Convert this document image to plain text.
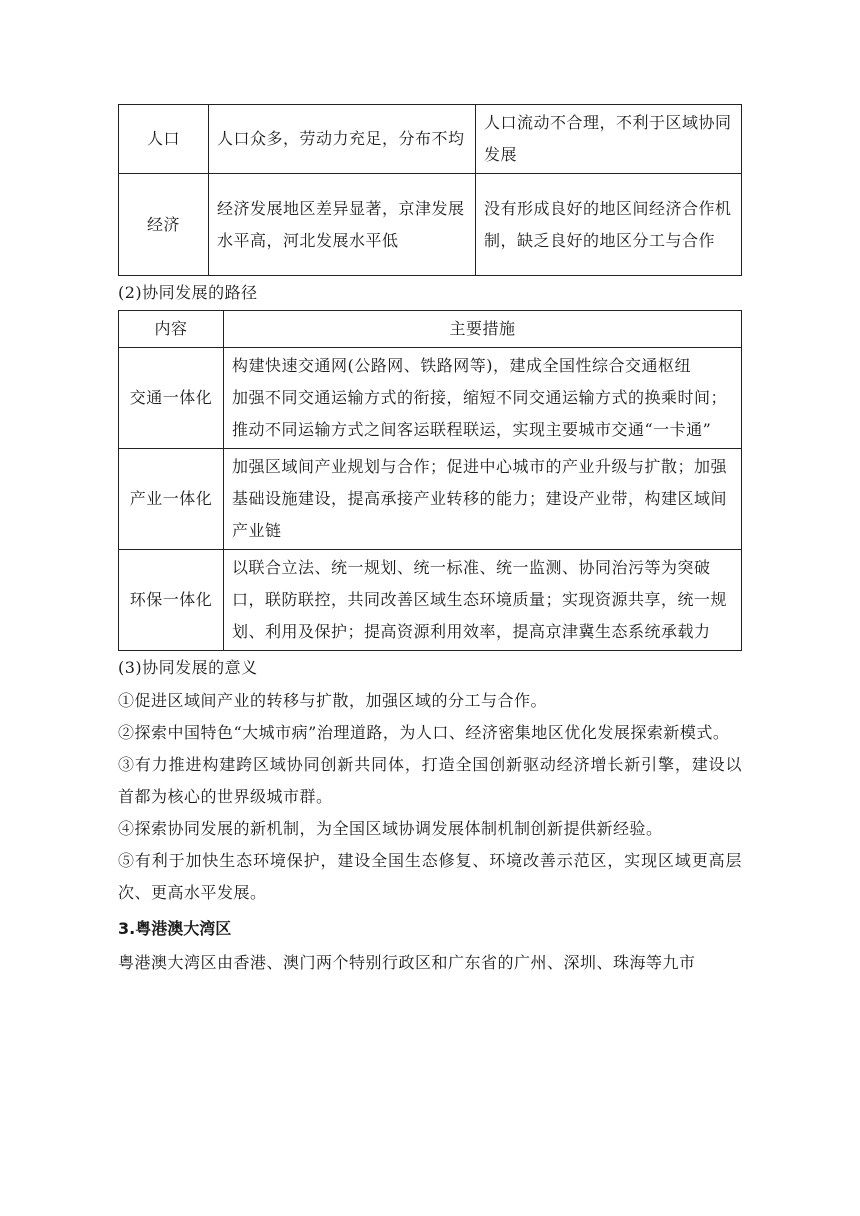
人口	人口众多，劳动力充足，分布不均	人口流动不合理，不利于区域协同发展
经济	经济发展地区差异显著，京津发展水平高，河北发展水平低	没有形成良好的地区间经济合作机制，缺乏良好的地区分工与合作

(2)协同发展的路径

内容	主要措施
交通一体化	构建快速交通网(公路网、铁路网等)，建成全国性综合交通枢纽
加强不同交通运输方式的衔接，缩短不同交通运输方式的换乘时间；推动不同运输方式之间客运联程联运，实现主要城市交通“一卡通”

产业一体化	加强区域间产业规划与合作；促进中心城市的产业升级与扩散；加强基础设施建设，提高承接产业转移的能力；建设产业带，构建区域间产业链
环保一体化	以联合立法、统一规划、统一标准、统一监测、协同治污等为突破口，联防联控，共同改善区域生态环境质量；实现资源共享，统一规划、利用及保护；提高资源利用效率，提高京津冀生态系统承载力

(3)协同发展的意义

①促进区域间产业的转移与扩散，加强区域的分工与合作。

②探索中国特色“大城市病”治理道路，为人口、经济密集地区优化发展探索新模式。

③有力推进构建跨区域协同创新共同体，打造全国创新驱动经济增长新引擎，建设以首都为核心的世界级城市群。

④探索协同发展的新机制，为全国区域协调发展体制机制创新提供新经验。

⑤有利于加快生态环境保护，建设全国生态修复、环境改善示范区，实现区域更高层次、更高水平发展。

3.粤港澳大湾区

粤港澳大湾区由香港、澳门两个特别行政区和广东省的广州、深圳、珠海等九市
